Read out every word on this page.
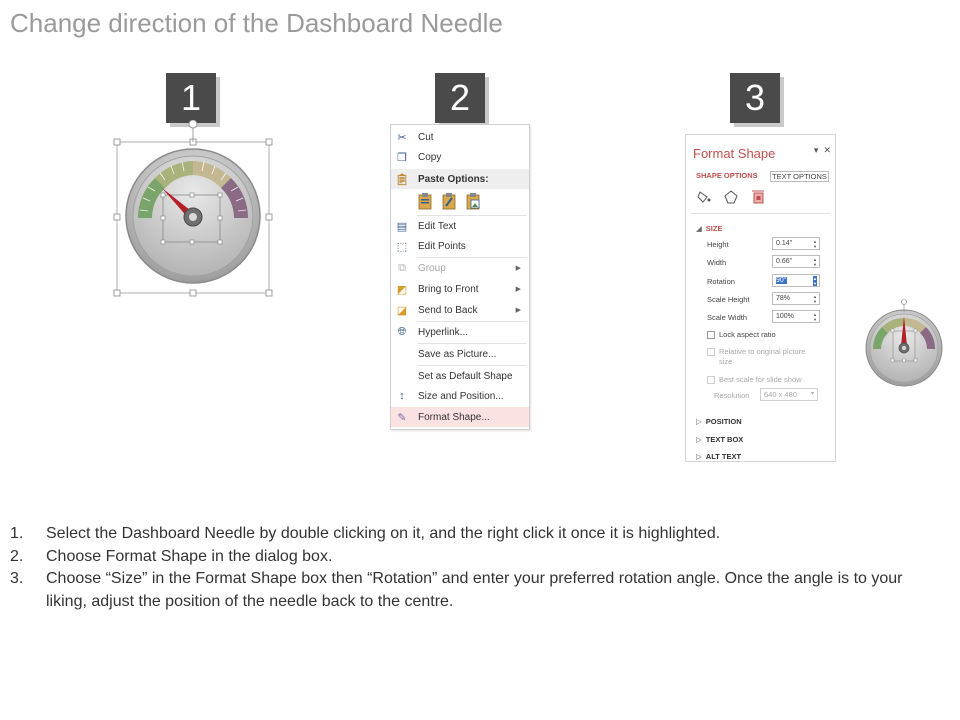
Change direction of the Dashboard Needle
1	2	3
✂ Cut
❐ Copy
📋︎ Paste Options:
▤ Edit Text
⬚ Edit Points
⧉	Group	▶
◩ Bring to Front	▶
◪ Send to Back	▶
🌐︎ Hyperlink...
Save as Picture...
Set as Default Shape
↕	Size and Position...
✎ Format Shape...
Format Shape	▾ ✕
SHAPE OPTIONS TEXT OPTIONS
◢ SIZE
Height	0.14"	▲
▼
Width	0.66"	▲
▼
Rotation	90°	▲
▼
Scale Height	78%	▲
▼
Scale Width	100%	▲
▼
Lock aspect ratio
Relative to original picture size
Best scale for slide show
Resolution	640 x 480 ▾
▷ POSITION
▷ TEXT BOX
▷ ALT TEXT
1. Select the Dashboard Needle by double clicking on it, and the right click it once it is highlighted.
2. Choose Format Shape in the dialog box.
3. Choose “Size” in the Format Shape box then “Rotation” and enter your preferred rotation angle. Once the angle is to your liking, adjust the position of the needle back to the centre.
